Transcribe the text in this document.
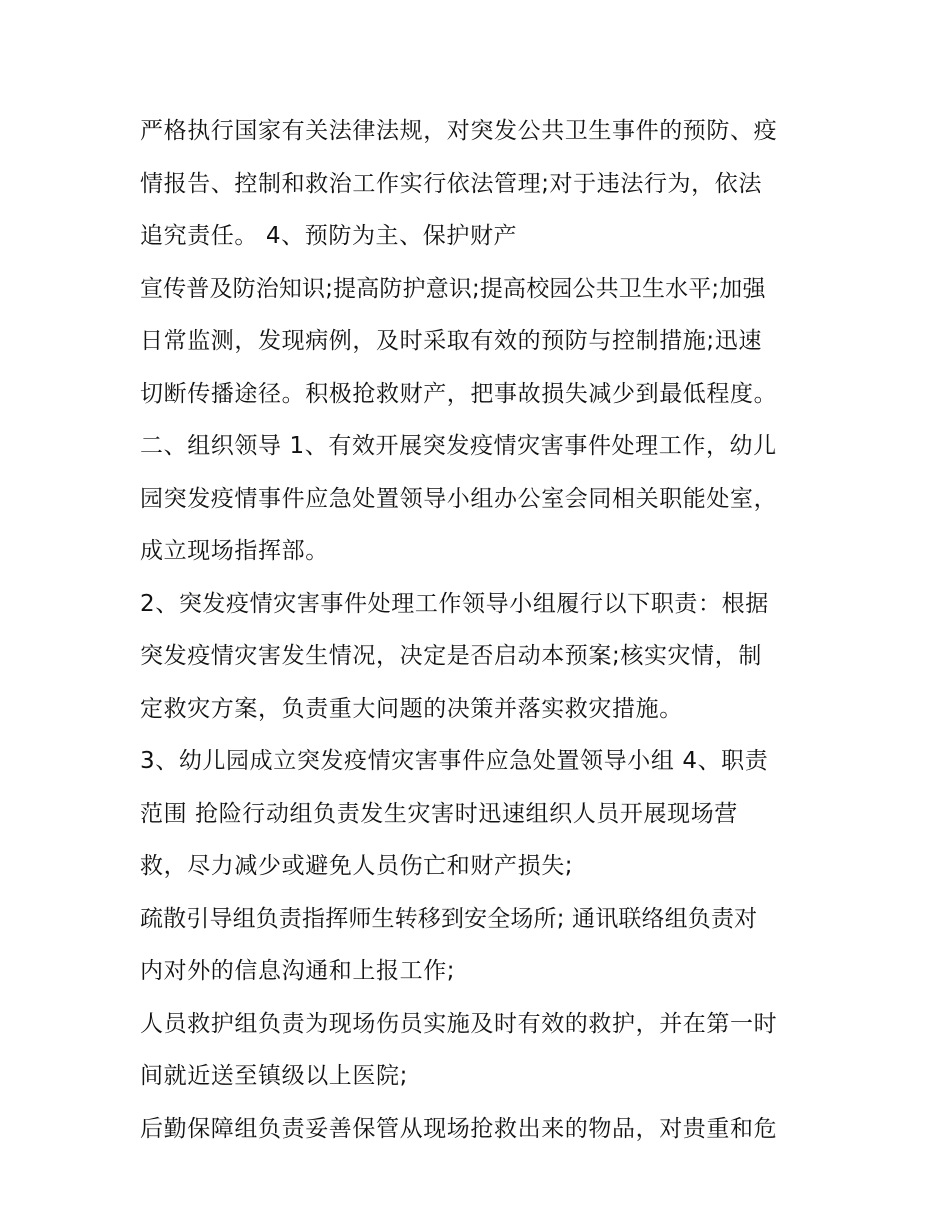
严格执行国家有关法律法规，对突发公共卫生事件的预防、疫
情报告、控制和救治工作实行依法管理;对于违法行为，依法
追究责任。 4、预防为主、保护财产

宣传普及防治知识;提高防护意识;提高校园公共卫生水平;加强
日常监测，发现病例，及时采取有效的预防与控制措施;迅速
切断传播途径。积极抢救财产，把事故损失减少到最低程度。
二、组织领导 1、有效开展突发疫情灾害事件处理工作，幼儿
园突发疫情事件应急处置领导小组办公室会同相关职能处室，
成立现场指挥部。

2、突发疫情灾害事件处理工作领导小组履行以下职责：根据
突发疫情灾害发生情况，决定是否启动本预案;核实灾情，制
定救灾方案，负责重大问题的决策并落实救灾措施。

3、幼儿园成立突发疫情灾害事件应急处置领导小组 4、职责
范围 抢险行动组负责发生灾害时迅速组织人员开展现场营
救，尽力减少或避免人员伤亡和财产损失;

疏散引导组负责指挥师生转移到安全场所; 通讯联络组负责对
内对外的信息沟通和上报工作;

人员救护组负责为现场伤员实施及时有效的救护，并在第一时
间就近送至镇级以上医院;

后勤保障组负责妥善保管从现场抢救出来的物品，对贵重和危
